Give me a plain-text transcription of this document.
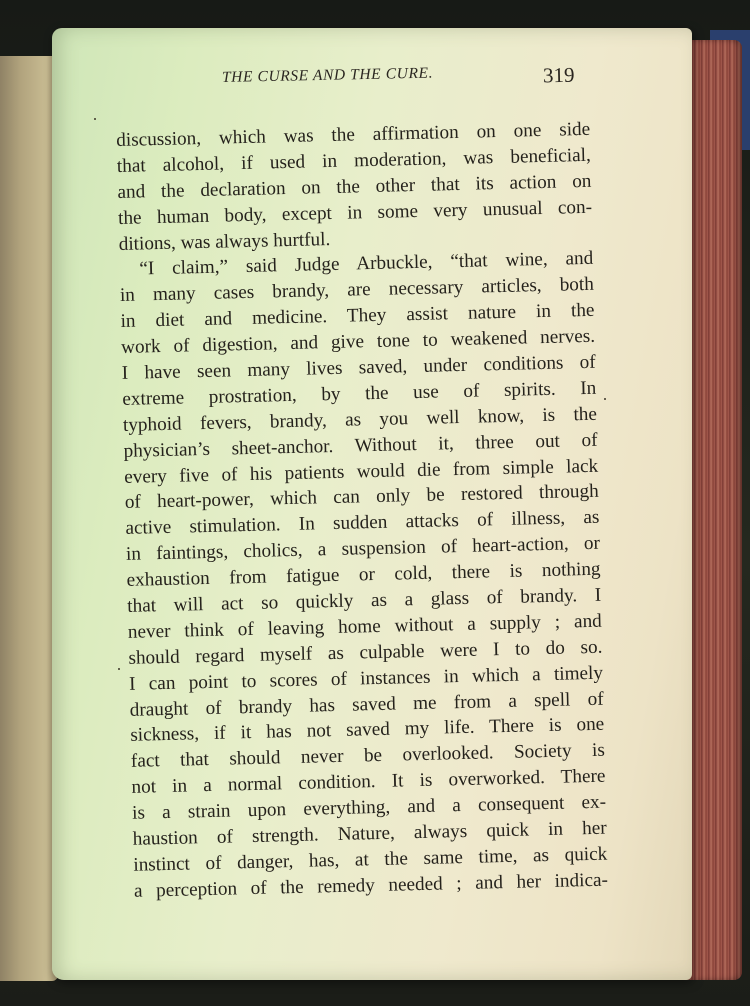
THE CURSE AND THE CURE.	319
discussion, which was the affirmation on one side
that alcohol, if used in moderation, was beneficial,
and the declaration on the other that its action on
the human body, except in some very unusual con-
ditions, was always hurtful.
“I claim,” said Judge Arbuckle, “that wine, and
in many cases brandy, are necessary articles, both
in diet and medicine. They assist nature in the
work of digestion, and give tone to weakened nerves.
I have seen many lives saved, under conditions of
extreme prostration, by the use of spirits. In
typhoid fevers, brandy, as you well know, is the
physician’s sheet-anchor. Without it, three out of
every five of his patients would die from simple lack
of heart-power, which can only be restored through
active stimulation. In sudden attacks of illness, as
in faintings, cholics, a suspension of heart-action, or
exhaustion from fatigue or cold, there is nothing
that will act so quickly as a glass of brandy. I
never think of leaving home without a supply ; and
should regard myself as culpable were I to do so.
I can point to scores of instances in which a timely
draught of brandy has saved me from a spell of
sickness, if it has not saved my life. There is one
fact that should never be overlooked. Society is
not in a normal condition. It is overworked. There
is a strain upon everything, and a consequent ex-
haustion of strength. Nature, always quick in her
instinct of danger, has, at the same time, as quick
a perception of the remedy needed ; and her indica-
